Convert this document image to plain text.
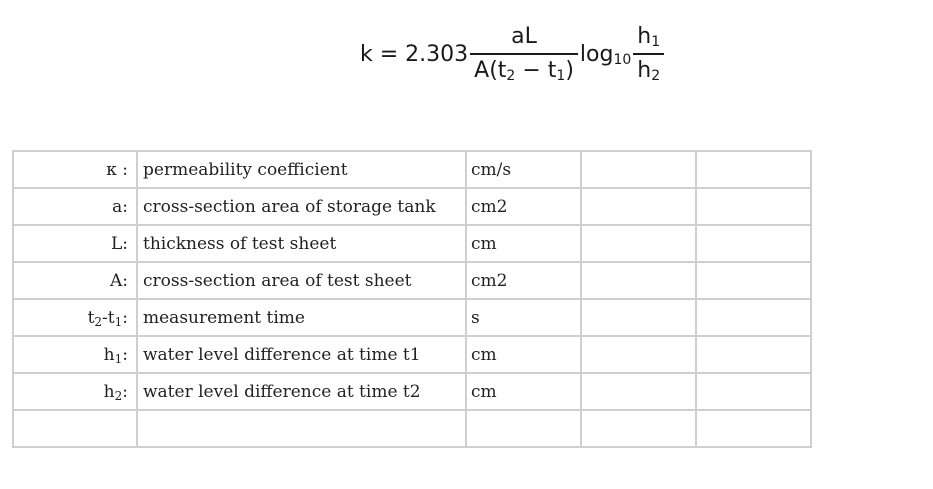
$k = 2.303 \frac{aL}{A(t_2 - t_1)} \log_{10} \frac{h_1}{h_2}$
κ :	permeability coefficient	cm/s		
a:	cross-section area of storage tank	cm2		
L:	thickness of test sheet	cm		
A:	cross-section area of test sheet	cm2		
$t_2-t_1$:	measurement time	s		
$h_1$:	water level difference at time t1	cm		
$h_2$:	water level difference at time t2	cm		
